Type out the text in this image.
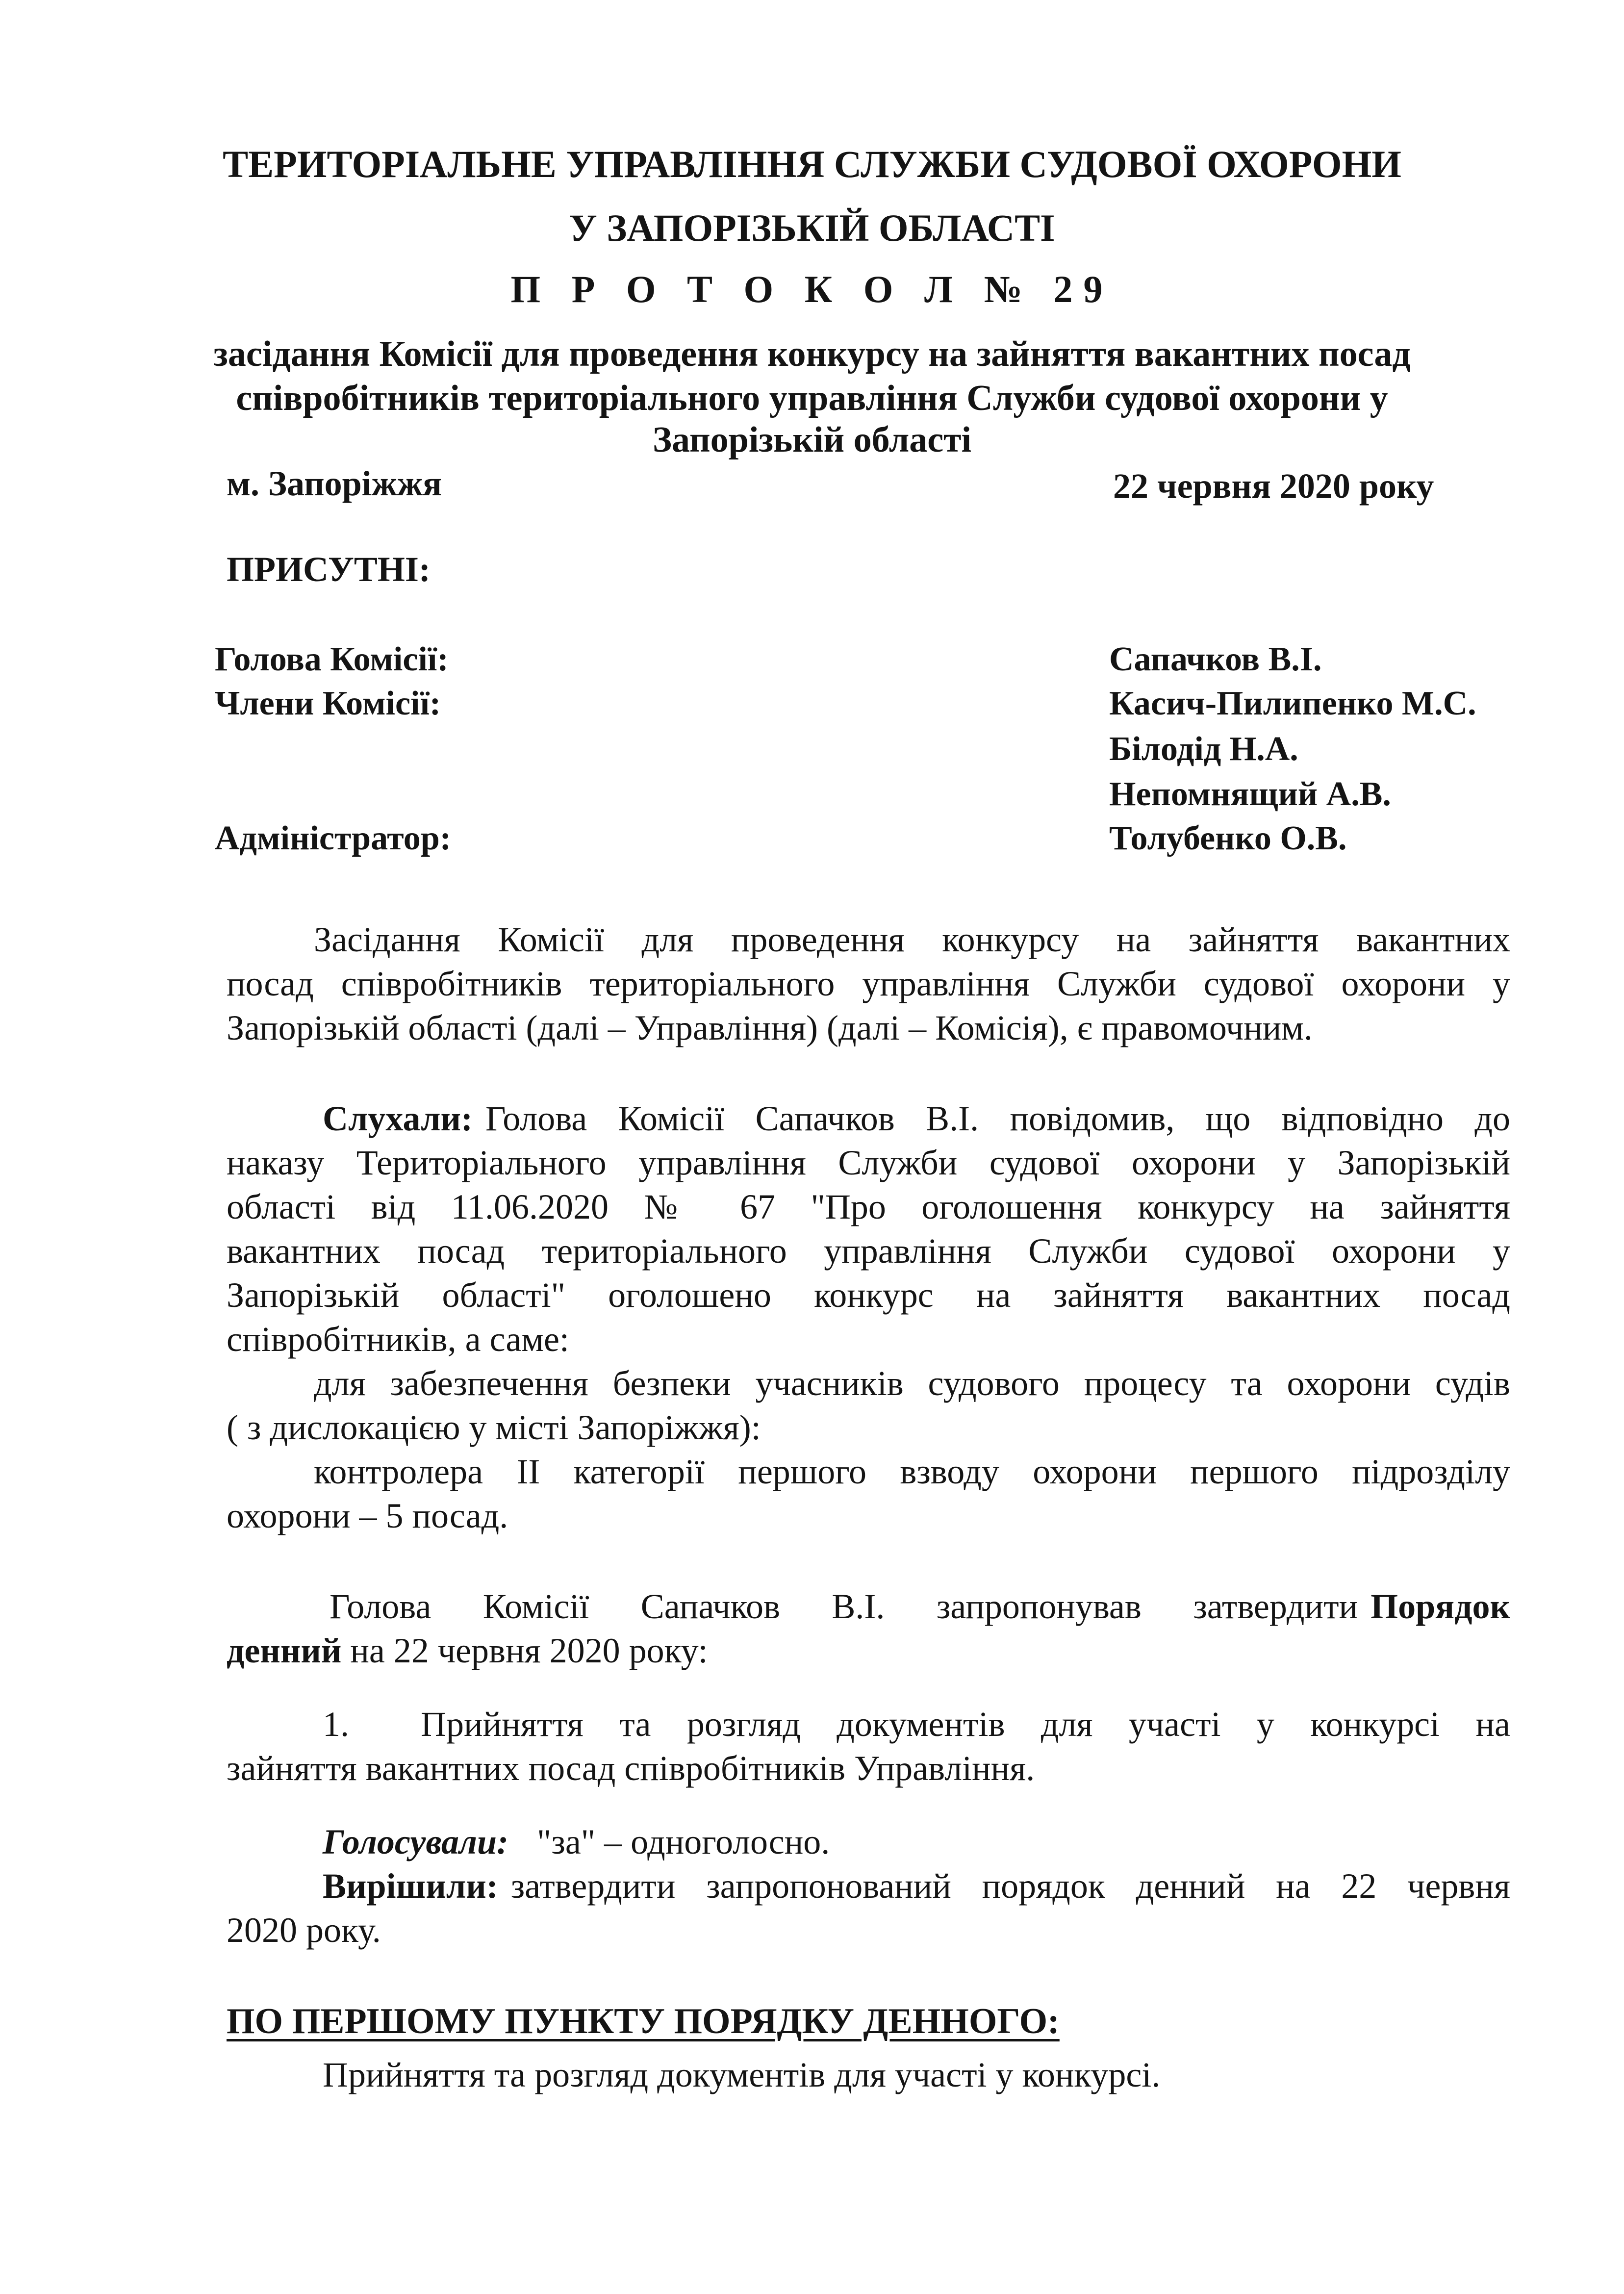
ТЕРИТОРІАЛЬНЕ УПРАВЛІННЯ СЛУЖБИ СУДОВОЇ ОХОРОНИ
У ЗАПОРІЗЬКІЙ ОБЛАСТІ
П Р О Т О К О Л № 29
засідання Комісії для проведення конкурсу на зайняття вакантних посад
співробітників територіального управління Служби судової охорони у
Запорізькій області
м. Запоріжжя	22 червня 2020 року
ПРИСУТНІ:
Голова Комісії:
Члени Комісії:
Адміністратор:
Сапачков В.І.
Касич-Пилипенко М.С.
Білодід Н.А.
Непомнящий А.В.
Толубенко О.В.
Засідання Комісії для проведення конкурсу на зайняття вакантних
посад співробітників територіального управління Служби судової охорони у
Запорізькій області (далі – Управління) (далі – Комісія), є правомочним.
Слухали: Голова Комісії Сапачков В.І. повідомив, що відповідно до
наказу Територіального управління Служби судової охорони у Запорізькій
області від 11.06.2020 № 67 "Про оголошення конкурсу на зайняття
вакантних посад територіального управління Служби судової охорони у
Запорізькій області" оголошено конкурс на зайняття вакантних посад
співробітників, а саме:
для забезпечення безпеки учасників судового процесу та охорони судів
( з дислокацією у місті Запоріжжя):
контролера ІІ категорії першого взводу охорони першого підрозділу
охорони – 5 посад.
Голова Комісії Сапачков В.І. запропонував затвердити Порядок
денний на 22 червня 2020 року:
1.	Прийняття та розгляд документів для участі у конкурсі на
зайняття вакантних посад співробітників Управління.
Голосували: "за" – одноголосно.
Вирішили: затвердити запропонований порядок денний на 22 червня
2020 року.
ПО ПЕРШОМУ ПУНКТУ ПОРЯДКУ ДЕННОГО:
Прийняття та розгляд документів для участі у конкурсі.
